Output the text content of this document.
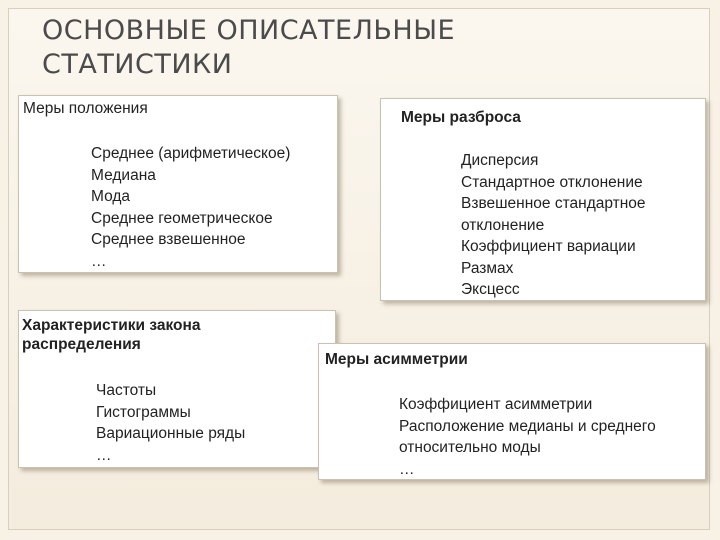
ОСНОВНЫЕ ОПИСАТЕЛЬНЫЕ
СТАТИСТИКИ
Меры положения
Среднее (арифметическое)
Медиана
Мода
Среднее геометрическое
Среднее взвешенное
…
Меры разброса
Дисперсия
Стандартное отклонение
Взвешенное стандартное
отклонение
Коэффициент вариации
Размах
Эксцесс
Характеристики закона распределения
Частоты
Гистограммы
Вариационные ряды
…
Меры асимметрии
Коэффициент асимметрии
Расположение медианы и среднего
относительно моды
…
